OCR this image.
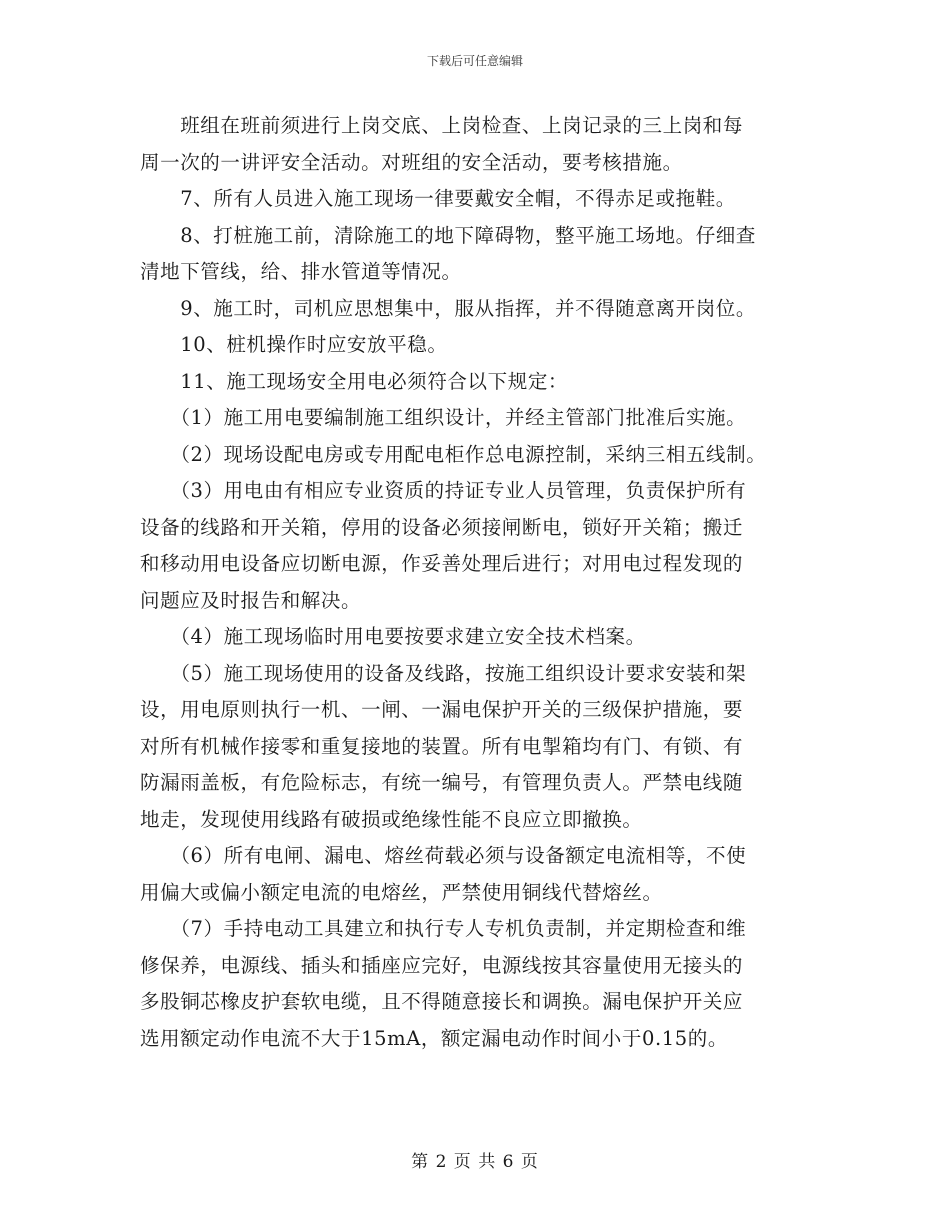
下载后可任意编辑
　　班组在班前须进行上岗交底、上岗检查、上岗记录的三上岗和每
周一次的一讲评安全活动。对班组的安全活动，要考核措施。
　　7、所有人员进入施工现场一律要戴安全帽，不得赤足或拖鞋。
　　8、打桩施工前，清除施工的地下障碍物，整平施工场地。仔细查
清地下管线，给、排水管道等情况。
　　9、施工时，司机应思想集中，服从指挥，并不得随意离开岗位。
　　10、桩机操作时应安放平稳。
　　11、施工现场安全用电必须符合以下规定：
　　（1）施工用电要编制施工组织设计，并经主管部门批准后实施。
　　（2）现场设配电房或专用配电柜作总电源控制，采纳三相五线制。
　　（3）用电由有相应专业资质的持证专业人员管理，负责保护所有
设备的线路和开关箱，停用的设备必须接闸断电，锁好开关箱；搬迁
和移动用电设备应切断电源，作妥善处理后进行；对用电过程发现的
问题应及时报告和解决。
　　（4）施工现场临时用电要按要求建立安全技术档案。
　　（5）施工现场使用的设备及线路，按施工组织设计要求安装和架
设，用电原则执行一机、一闸、一漏电保护开关的三级保护措施，要
对所有机械作接零和重复接地的装置。所有电掣箱均有门、有锁、有
防漏雨盖板，有危险标志，有统一编号，有管理负责人。严禁电线随
地走，发现使用线路有破损或绝缘性能不良应立即撤换。
　　（6）所有电闸、漏电、熔丝荷载必须与设备额定电流相等，不使
用偏大或偏小额定电流的电熔丝，严禁使用铜线代替熔丝。
　　（7）手持电动工具建立和执行专人专机负责制，并定期检查和维
修保养，电源线、插头和插座应完好，电源线按其容量使用无接头的
多股铜芯橡皮护套软电缆，且不得随意接长和调换。漏电保护开关应
选用额定动作电流不大于15mA，额定漏电动作时间小于0.15的。
第 2 页 共 6 页
